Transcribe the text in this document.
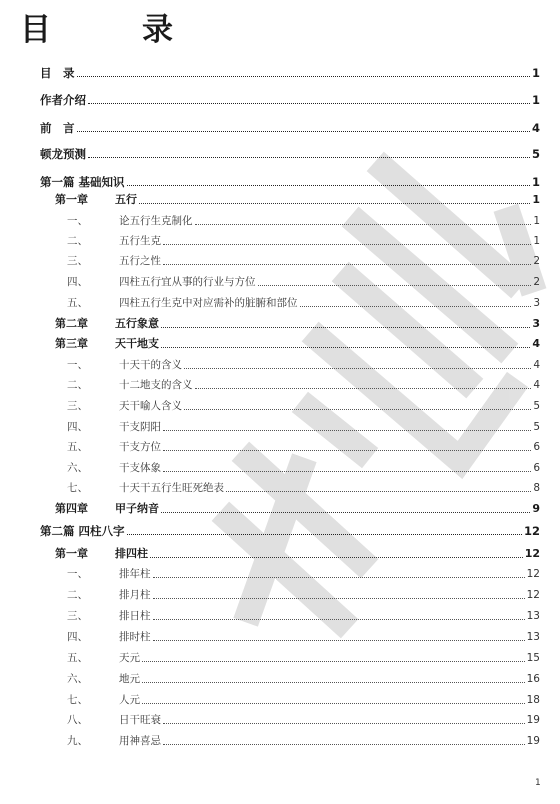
目　录
目　录	1
作者介绍	1
前　言	4
顿龙预测	5
第一篇 基础知识	1
第一章	五行	1
一、	论五行生克制化	1
二、	五行生克	1
三、	五行之性	2
四、	四柱五行宜从事的行业与方位	2
五、	四柱五行生克中对应需补的脏腑和部位	3
第二章	五行象意	3
第三章	天干地支	4
一、	十天干的含义	4
二、	十二地支的含义	4
三、	天干喻人含义	5
四、	干支阴阳	5
五、	干支方位	6
六、	干支体象	6
七、	十天干五行生旺死绝表	8
第四章	甲子纳音	9
第二篇 四柱八字	12
第一章	排四柱	12
一、	排年柱	12
二、	排月柱	12
三、	排日柱	13
四、	排时柱	13
五、	天元	15
六、	地元	16
七、	人元	18
八、	日干旺衰	19
九、	用神喜忌	19
1
